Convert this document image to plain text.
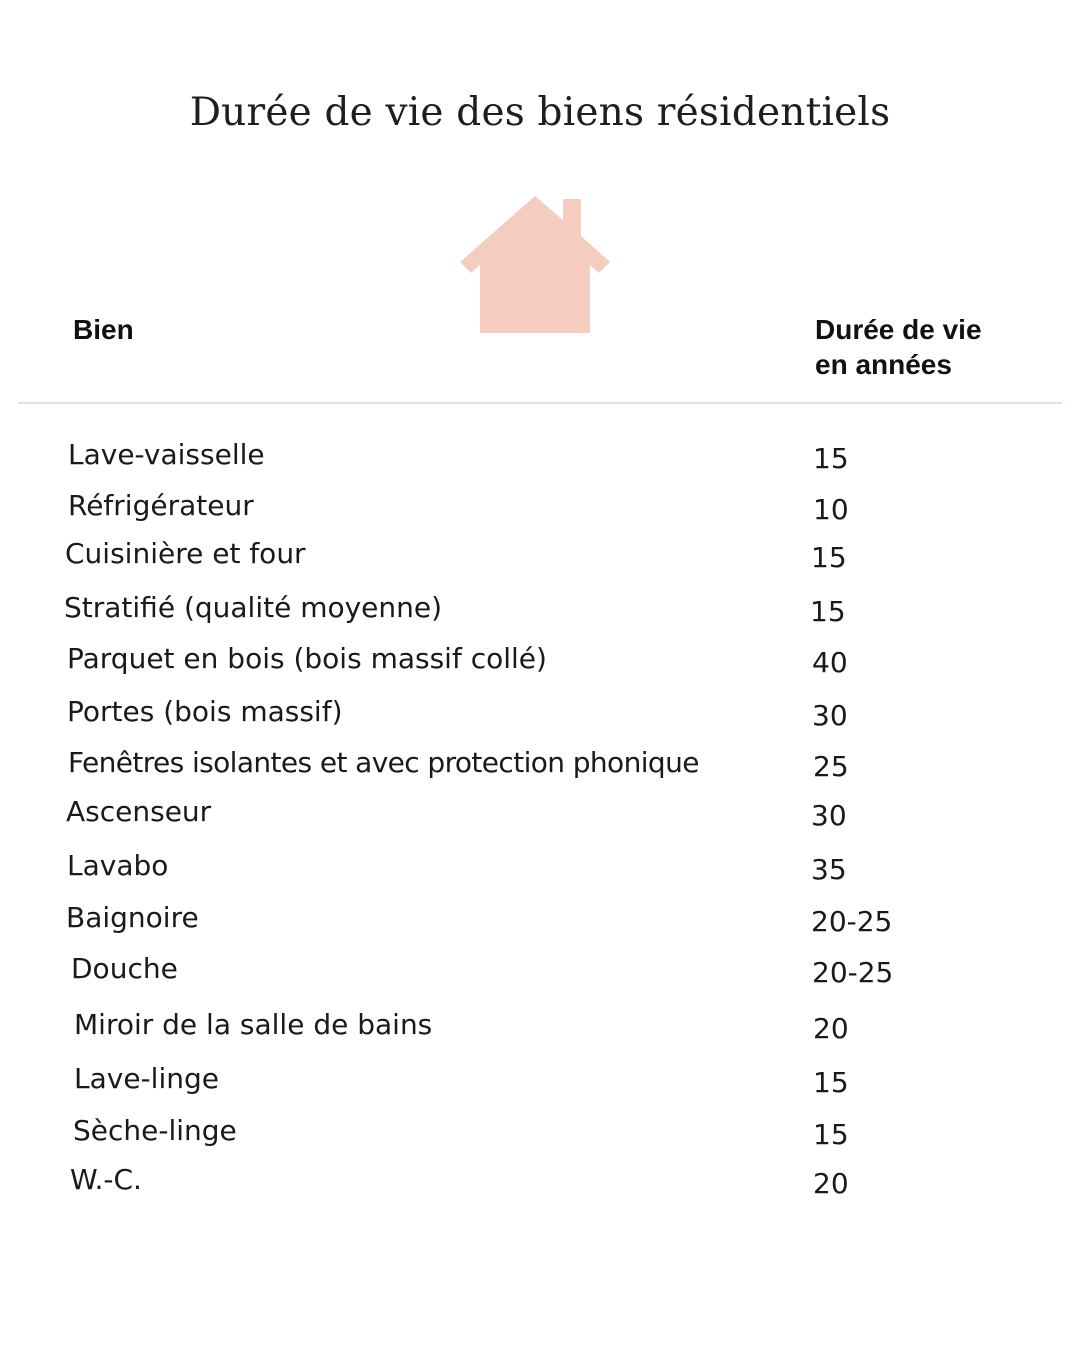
Durée de vie des biens résidentiels
Bien	Durée de vie
en années
Lave-vaisselle	15
Réfrigérateur	10
Cuisinière et four	15
Stratifié (qualité moyenne)	15
Parquet en bois (bois massif collé)	40
Portes (bois massif)	30
Fenêtres isolantes et avec protection phonique	25
Ascenseur	30
Lavabo	35
Baignoire	20-25
Douche	20-25
Miroir de la salle de bains	20
Lave-linge	15
Sèche-linge	15
W.-C.	20
